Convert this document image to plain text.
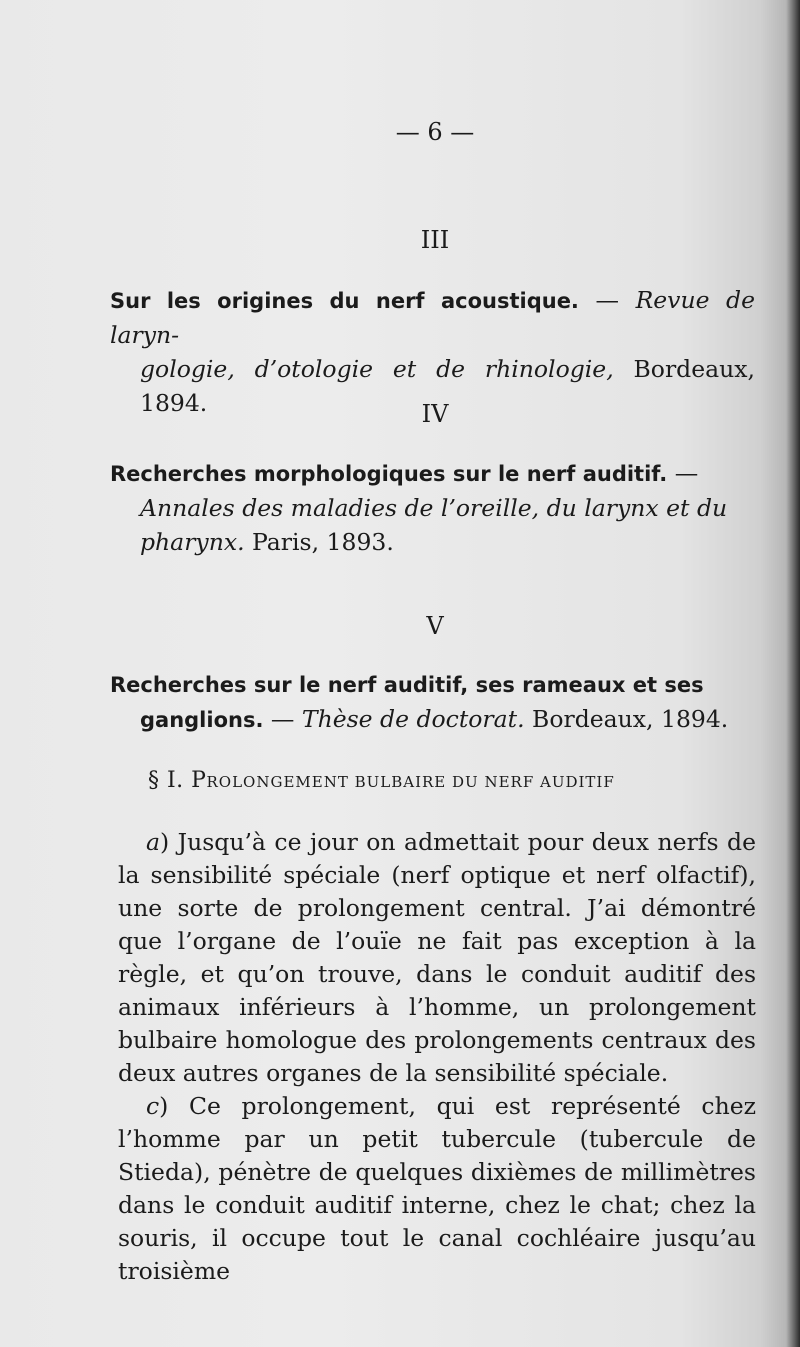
— 6 —
III
Sur les origines du nerf acoustique. — Revue de laryn-
gologie, d’otologie et de rhinologie, Bordeaux, 1894.	IV
Recherches morphologiques sur le nerf auditif. —
Annales des maladies de l’oreille, du larynx et du
pharynx. Paris, 1893.
V
Recherches sur le nerf auditif, ses rameaux et ses
ganglions. — Thèse de doctorat. Bordeaux, 1894.
§ I. PROLONGEMENT BULBAIRE DU NERF AUDITIF

a) Jusqu’à ce jour on admettait pour deux nerfs de la sensibilité spéciale (nerf optique et nerf olfactif), une sorte de prolongement central. J’ai démontré que l’organe de l’ouïe ne fait pas exception à la règle, et qu’on trouve, dans le conduit auditif des animaux inférieurs à l’homme, un prolongement bulbaire homologue des prolongements centraux des deux autres organes de la sensibilité spéciale.

c) Ce prolongement, qui est représenté chez l’homme par un petit tubercule (tubercule de Stieda), pénètre de quelques dixièmes de millimètres dans le conduit auditif interne, chez le chat; chez la souris, il occupe tout le canal cochléaire jusqu’au troisième
